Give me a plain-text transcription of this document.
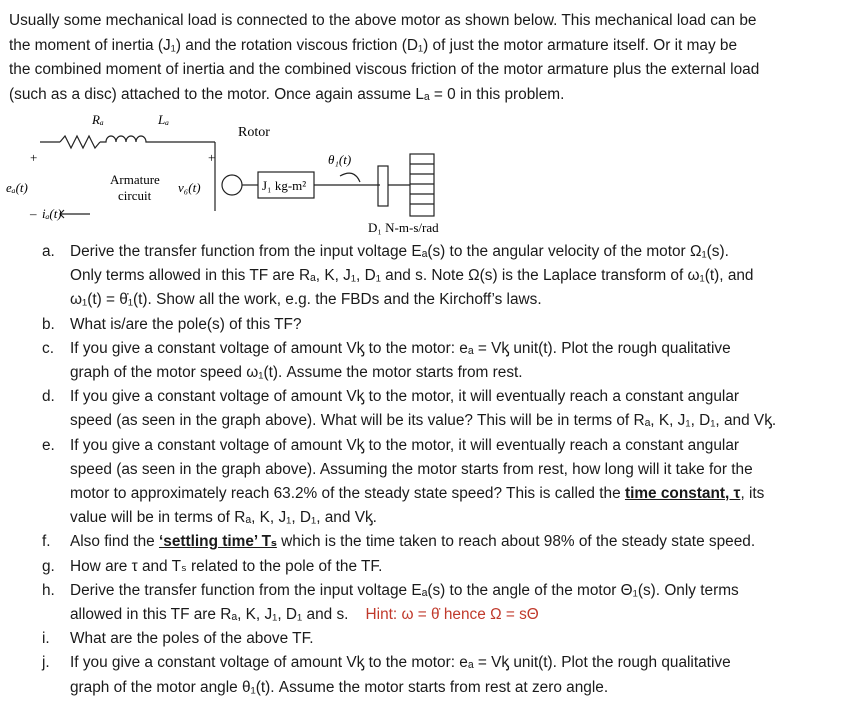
Usually some mechanical load is connected to the above motor as shown below. This mechanical load can be
the moment of inertia (J₁) and the rotation viscous friction (D₁) of just the motor armature itself. Or it may be
the combined moment of inertia and the combined viscous friction of the motor armature plus the external load
(such as a disc) attached to the motor. Once again assume Lₐ = 0 in this problem.
Rₐ	Lₐ
Rotor
+	+
–
eₐ(t)
iₐ(t)
Armature
circuit
v₆(t)	J₁ kg-m²
θ₁(t)
D₁ N-m-s/rad
a. Derive the transfer function from the input voltage Eₐ(s) to the angular velocity of the motor Ω₁(s).
Only terms allowed in this TF are Rₐ, K, J₁, D₁ and s. Note Ω(s) is the Laplace transform of ω₁(t), and
ω₁(t) = θ̇₁(t). Show all the work, e.g. the FBDs and the Kirchoff’s laws.
b. What is/are the pole(s) of this TF?
c. If you give a constant voltage of amount Vᶄ to the motor: eₐ = Vᶄ unit(t). Plot the rough qualitative
graph of the motor speed ω₁(t). Assume the motor starts from rest.
d. If you give a constant voltage of amount Vᶄ to the motor, it will eventually reach a constant angular
speed (as seen in the graph above). What will be its value? This will be in terms of Rₐ, K, J₁, D₁, and Vᶄ.
e. If you give a constant voltage of amount Vᶄ to the motor, it will eventually reach a constant angular
speed (as seen in the graph above). Assuming the motor starts from rest, how long will it take for the
motor to approximately reach 63.2% of the steady state speed? This is called the time constant, τ, its
value will be in terms of Rₐ, K, J₁, D₁, and Vᶄ.
f. Also find the ‘settling time’ Tₛ which is the time taken to reach about 98% of the steady state speed.
g. How are τ and Tₛ related to the pole of the TF.
h. Derive the transfer function from the input voltage Eₐ(s) to the angle of the motor Θ₁(s). Only terms
allowed in this TF are Rₐ, K, J₁, D₁ and s. Hint: ω = θ̇ hence Ω = sΘ
i. What are the poles of the above TF.
j. If you give a constant voltage of amount Vᶄ to the motor: eₐ = Vᶄ unit(t). Plot the rough qualitative
graph of the motor angle θ₁(t). Assume the motor starts from rest at zero angle.
